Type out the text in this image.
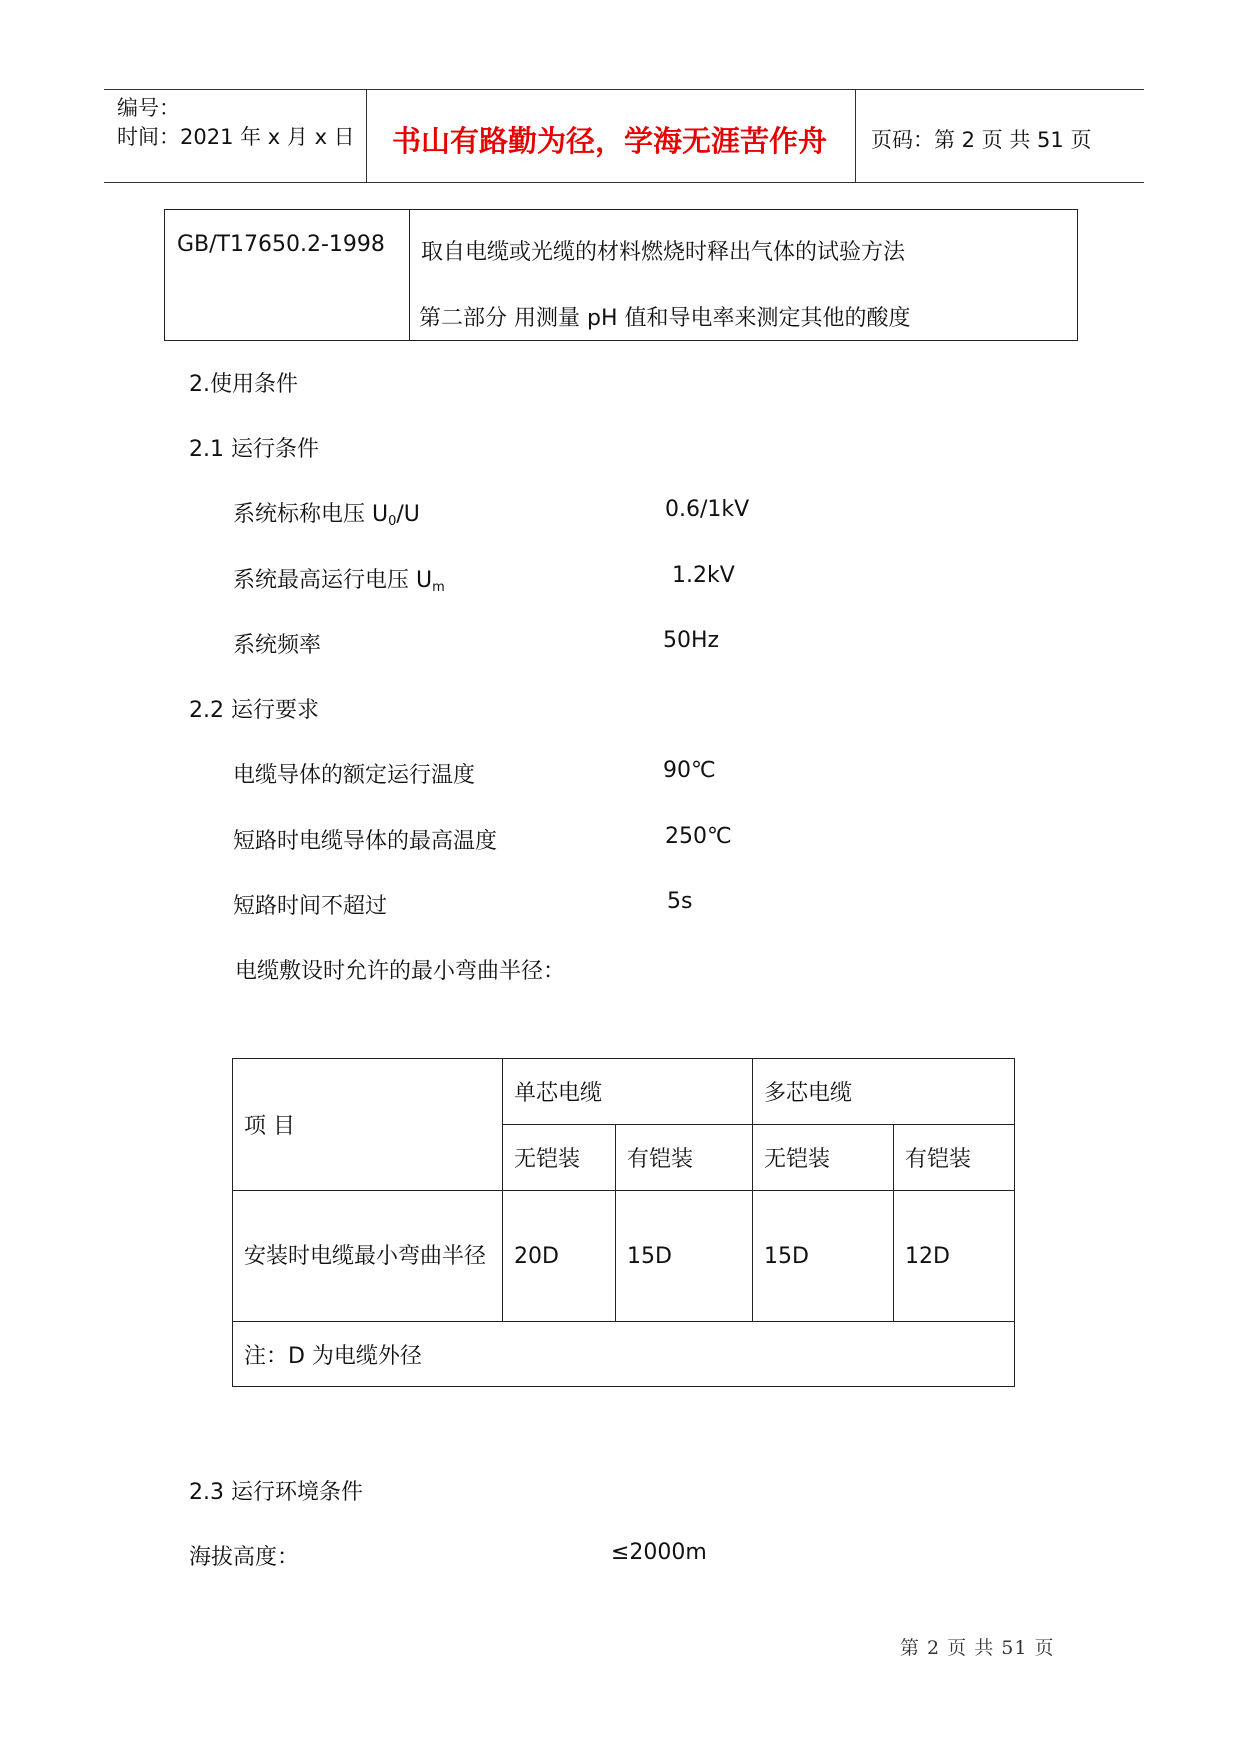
编号：
时间：2021 年 x 月 x 日 书山有路勤为径，学海无涯苦作舟 页码：第 2 页 共 51 页
GB/T17650.2-1998 取自电缆或光缆的材料燃烧时释出气体的试验方法
第二部分 用测量 pH 值和导电率来测定其他的酸度
2.使用条件
2.1 运行条件
系统标称电压 $U_0/U$	0.6/1kV
系统最高运行电压 $U_m$	1.2kV
系统频率	50Hz
2.2 运行要求
电缆导体的额定运行温度	90℃
短路时电缆导体的最高温度	250℃
短路时间不超过	5s
电缆敷设时允许的最小弯曲半径：
项 目	单芯电缆		多芯电缆	
	无铠装	有铠装	无铠装	有铠装
安装时电缆最小弯曲半径	20D	15D	15D	12D
注：D 为电缆外径				
2.3 运行环境条件
海拔高度：	≤2000m
第 2 页 共 51 页
